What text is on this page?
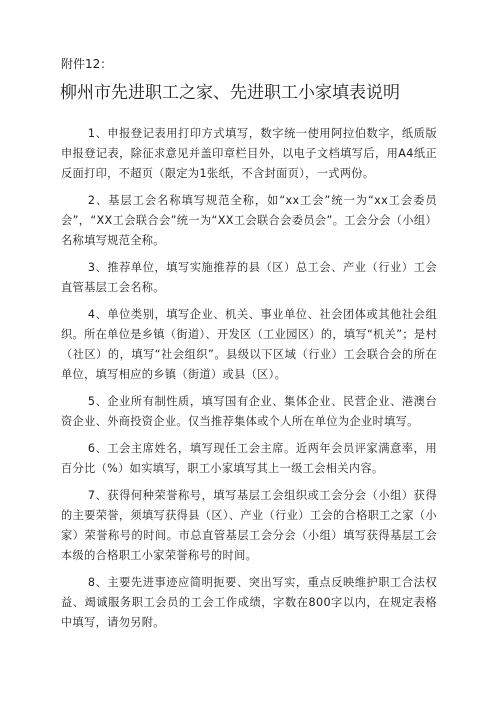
附件12：
柳州市先进职工之家、先进职工小家填表说明

1、申报登记表用打印方式填写，数字统一使用阿拉伯数字，纸质版申报登记表，除征求意见并盖印章栏目外，以电子文档填写后，用A4纸正反面打印，不超页（限定为1张纸，不含封面页），一式两份。

2、基层工会名称填写规范全称，如“xx工会”统一为“xx工会委员会”，“XX工会联合会”统一为“XX工会联合会委员会”。工会分会（小组）名称填写规范全称。

3、推荐单位，填写实施推荐的县（区）总工会、产业（行业）工会直管基层工会名称。

4、单位类别，填写企业、机关、事业单位、社会团体或其他社会组织。所在单位是乡镇（街道）、开发区（工业园区）的，填写“机关”；是村（社区）的，填写“社会组织”。县级以下区域（行业）工会联合会的所在单位，填写相应的乡镇（街道）或县（区）。

5、企业所有制性质，填写国有企业、集体企业、民营企业、港澳台资企业、外商投资企业。仅当推荐集体或个人所在单位为企业时填写。

6、工会主席姓名，填写现任工会主席。近两年会员评家满意率，用百分比（%）如实填写，职工小家填写其上一级工会相关内容。

7、获得何种荣誉称号，填写基层工会组织或工会分会（小组）获得的主要荣誉，须填写获得县（区）、产业（行业）工会的合格职工之家（小家）荣誉称号的时间。市总直管基层工会分会（小组）填写获得基层工会本级的合格职工小家荣誉称号的时间。

8、主要先进事迹应简明扼要、突出写实，重点反映维护职工合法权益、竭诚服务职工会员的工会工作成绩，字数在800字以内，在规定表格中填写，请勿另附。
